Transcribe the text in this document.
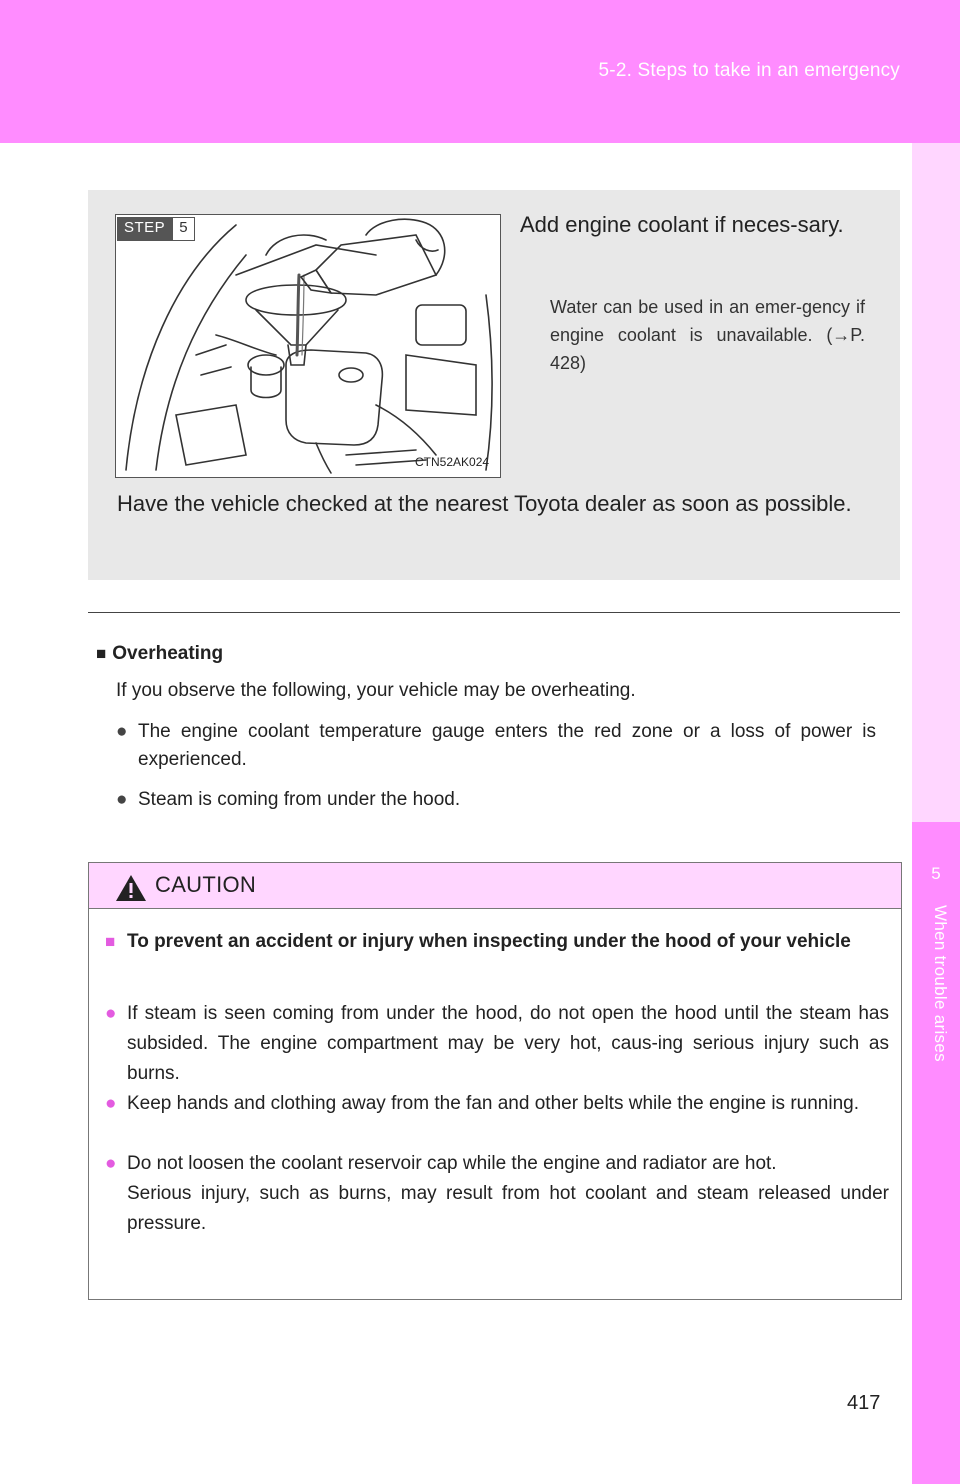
5-2. Steps to take in an emergency
5
When trouble arises
STEP 5
CTN52AK024
Add engine coolant if neces-sary.
Water can be used in an emer-gency if engine coolant is unavailable. (→P. 428)
Have the vehicle checked at the nearest Toyota dealer as soon as possible.
■ Overheating
If you observe the following, your vehicle may be overheating.
● The engine coolant temperature gauge enters the red zone or a loss of power is experienced.
● Steam is coming from under the hood.
CAUTION
■ To prevent an accident or injury when inspecting under the hood of your vehicle
● If steam is seen coming from under the hood, do not open the hood until the steam has subsided. The engine compartment may be very hot, caus-ing serious injury such as burns.
● Keep hands and clothing away from the fan and other belts while the engine is running.
● Do not loosen the coolant reservoir cap while the engine and radiator are hot.
Serious injury, such as burns, may result from hot coolant and steam released under pressure.
417
